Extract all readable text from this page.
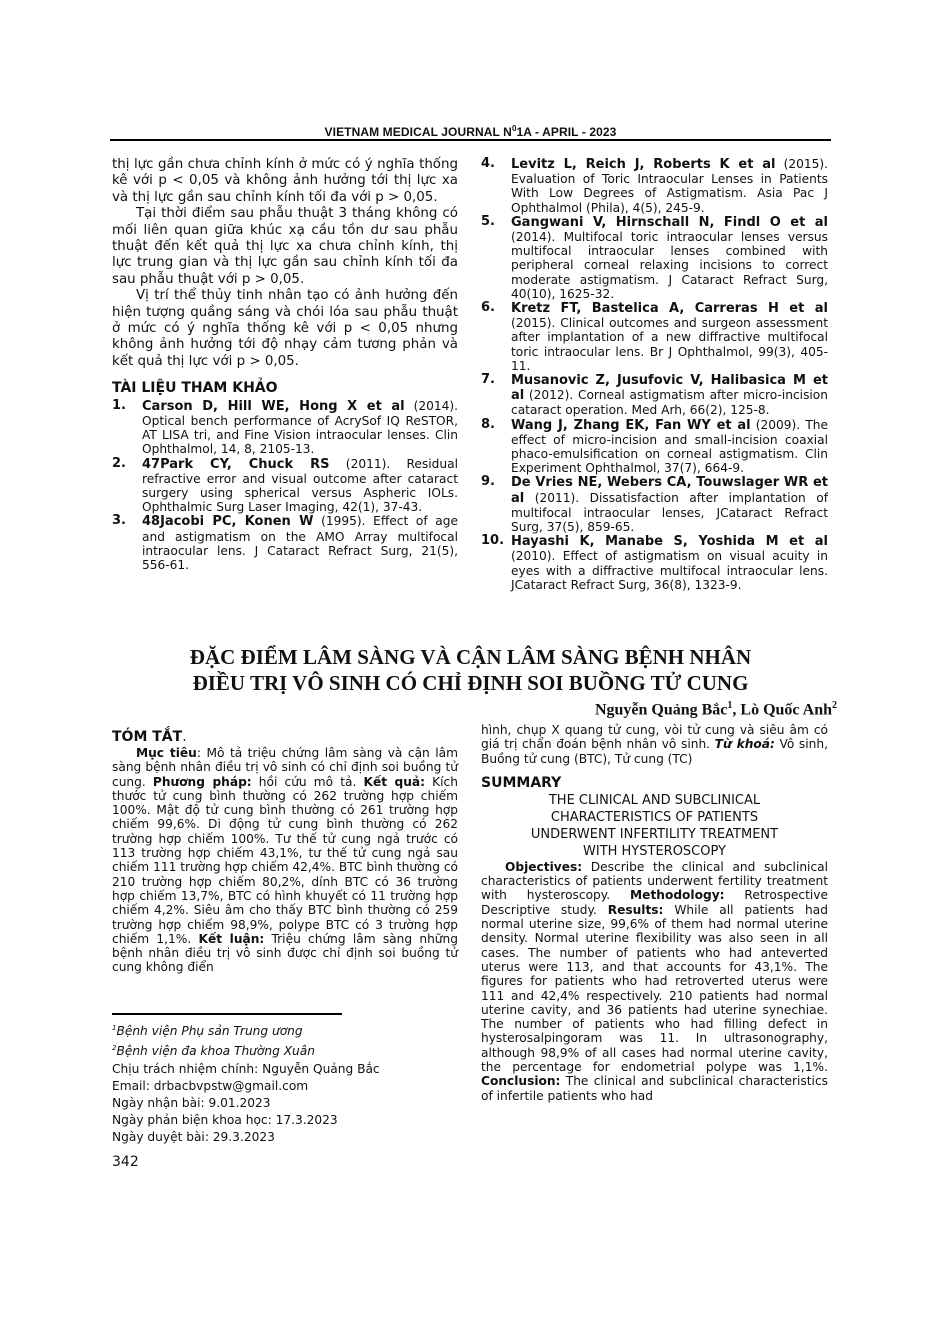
VIETNAM MEDICAL JOURNAL $N^01A$ - APRIL - 2023

thị lực gần chưa chỉnh kính ở mức có ý nghĩa thống kê với p < 0,05 và không ảnh hưởng tới thị lực xa và thị lực gần sau chỉnh kính tối đa với p > 0,05.

Tại thời điểm sau phẫu thuật 3 tháng không có mối liên quan giữa khúc xạ cầu tồn dư sau phẫu thuật đến kết quả thị lực xa chưa chỉnh kính, thị lực trung gian và thị lực gần sau chỉnh kính tối đa sau phẫu thuật với p > 0,05.

Vị trí thể thủy tinh nhân tạo có ảnh hưởng đến hiện tượng quầng sáng và chói lóa sau phẫu thuật ở mức có ý nghĩa thống kê với p < 0,05 nhưng không ảnh hưởng tới độ nhạy cảm tương phản và kết quả thị lực với p > 0,05.

TÀI LIỆU THAM KHẢO
1.	Carson D, Hill WE, Hong X et al (2014). Optical bench performance of AcrySof IQ ReSTOR, AT LISA tri, and Fine Vision intraocular lenses. Clin Ophthalmol, 14, 8, 2105-13.
2.	47Park CY, Chuck RS (2011). Residual refractive error and visual outcome after cataract surgery using spherical versus Aspheric IOLs. Ophthalmic Surg Laser Imaging, 42(1), 37-43.
3.	48Jacobi PC, Konen W (1995). Effect of age and astigmatism on the AMO Array multifocal intraocular lens. J Cataract Refract Surg, 21(5), 556-61.
4.	Levitz L, Reich J, Roberts K et al (2015). Evaluation of Toric Intraocular Lenses in Patients With Low Degrees of Astigmatism. Asia Pac J Ophthalmol (Phila), 4(5), 245-9.
5.	Gangwani V, Hirnschall N, Findl O et al (2014). Multifocal toric intraocular lenses versus multifocal intraocular lenses combined with peripheral corneal relaxing incisions to correct moderate astigmatism. J Cataract Refract Surg, 40(10), 1625-32.
6.	Kretz FT, Bastelica A, Carreras H et al (2015). Clinical outcomes and surgeon assessment after implantation of a new diffractive multifocal toric intraocular lens. Br J Ophthalmol, 99(3), 405-11.
7.	Musanovic Z, Jusufovic V, Halibasica M et al (2012). Corneal astigmatism after micro-incision cataract operation. Med Arh, 66(2), 125-8.
8.	Wang J, Zhang EK, Fan WY et al (2009). The effect of micro-incision and small-incision coaxial phaco-emulsification on corneal astigmatism. Clin Experiment Ophthalmol, 37(7), 664-9.
9.	De Vries NE, Webers CA, Touwslager WR et al (2011). Dissatisfaction after implantation of multifocal intraocular lenses, JCataract Refract Surg, 37(5), 859-65.
10. Hayashi K, Manabe S, Yoshida M et al (2010). Effect of astigmatism on visual acuity in eyes with a diffractive multifocal intraocular lens. JCataract Refract Surg, 36(8), 1323-9.
ĐẶC ĐIỂM LÂM SÀNG VÀ CẬN LÂM SÀNG BỆNH NHÂN
ĐIỀU TRỊ VÔ SINH CÓ CHỈ ĐỊNH SOI BUỒNG TỬ CUNG
Nguyễn Quảng Bắc$^1$, Lò Quốc Anh$^2$
TÓM TẮT.

Mục tiêu: Mô tả triệu chứng lâm sàng và cận lâm sàng bệnh nhân điều trị vô sinh có chỉ định soi buồng tử cung. Phương pháp: hồi cứu mô tả. Kết quả: Kích thước tử cung bình thường có 262 trường hợp chiếm 100%. Mật độ tử cung bình thường có 261 trường hợp chiếm 99,6%. Di động tử cung bình thường có 262 trường hợp chiếm 100%. Tư thế tử cung ngả trước có 113 trường hợp chiếm 43,1%, tư thế tử cung ngả sau chiếm 111 trường hợp chiếm 42,4%. BTC bình thường có 210 trường hợp chiếm 80,2%, dính BTC có 36 trường hợp chiếm 13,7%, BTC có hình khuyết có 11 trường hợp chiếm 4,2%. Siêu âm cho thấy BTC bình thường có 259 trường hợp chiếm 98,9%, polype BTC có 3 trường hợp chiếm 1,1%. Kết luận: Triệu chứng lâm sàng những bệnh nhân điều trị vô sinh được chỉ định soi buồng tử cung không điển

$^1$Bệnh viện Phụ sản Trung ương
$^2$Bệnh viện đa khoa Thường Xuân
Chịu trách nhiệm chính: Nguyễn Quảng Bắc
Email: drbacbvpstw@gmail.com
Ngày nhận bài: 9.01.2023
Ngày phản biện khoa học: 17.3.2023
Ngày duyệt bài: 29.3.2023
342

hình, chụp X quang tử cung, vòi tử cung và siêu âm có giá trị chẩn đoán bệnh nhân vô sinh. Từ khoá: Vô sinh, Buồng tử cung (BTC), Tử cung (TC)

SUMMARY

THE CLINICAL AND SUBCLINICAL

CHARACTERISTICS OF PATIENTS

UNDERWENT INFERTILITY TREATMENT

WITH HYSTEROSCOPY

Objectives: Describe the clinical and subclinical characteristics of patients underwent fertility treatment with hysteroscopy. Methodology: Retrospective Descriptive study. Results: While all patients had normal uterine size, 99,6% of them had normal uterine density. Normal uterine flexibility was also seen in all cases. The number of patients who had anteverted uterus were 113, and that accounts for 43,1%. The figures for patients who had retroverted uterus were 111 and 42,4% respectively. 210 patients had normal uterine cavity, and 36 patients had uterine synechiae. The number of patients who had filling defect in hysterosalpingoram was 11. In ultrasonography, although 98,9% of all cases had normal uterine cavity, the percentage for endometrial polype was 1,1%. Conclusion: The clinical and subclinical characteristics of infertile patients who had
